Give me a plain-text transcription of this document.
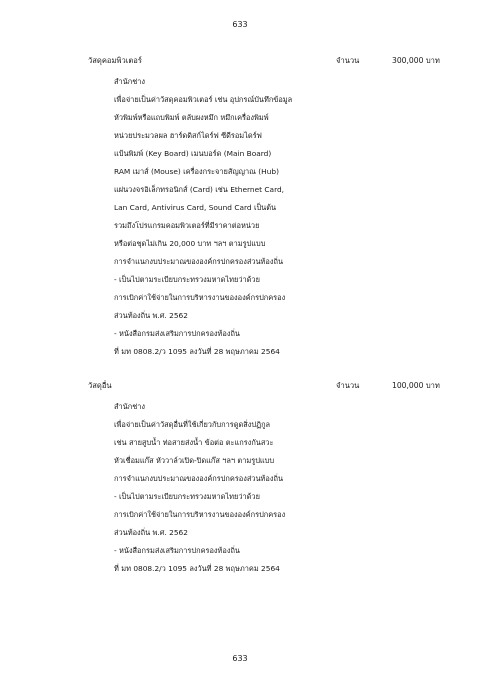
633
วัสดุคอมพิวเตอร์	จำนวน	300,000 บาท
สำนักช่าง
เพื่อจ่ายเป็นค่าวัสดุคอมพิวเตอร์ เช่น อุปกรณ์บันทึกข้อมูล
หัวพิมพ์หรือแถบพิมพ์ ตลับผงหมึก หมึกเครื่องพิมพ์
หน่วยประมวลผล ฮาร์ดดิสก์ไดร์ฟ ซีดีรอมไดร์ฟ
แป้นพิมพ์ (Key Board) เมนบอร์ด (Main Board)
RAM เมาส์ (Mouse) เครื่องกระจายสัญญาณ (Hub)
แผ่นวงจรอิเล็กทรอนิกส์ (Card) เช่น Ethernet Card,
Lan Card, Antivirus Card, Sound Card เป็นต้น
รวมถึงโปรแกรมคอมพิวเตอร์ที่มีราคาต่อหน่วย
หรือต่อชุดไม่เกิน 20,000 บาท ฯลฯ ตามรูปแบบ
การจำแนกงบประมาณขององค์กรปกครองส่วนท้องถิ่น
- เป็นไปตามระเบียบกระทรวงมหาดไทยว่าด้วย
การเบิกค่าใช้จ่ายในการบริหารงานขององค์กรปกครอง
ส่วนท้องถิ่น พ.ศ. 2562
- หนังสือกรมส่งเสริมการปกครองท้องถิ่น
ที่ มท 0808.2/ว 1095 ลงวันที่ 28 พฤษภาคม 2564
วัสดุอื่น	จำนวน	100,000 บาท
สำนักช่าง
เพื่อจ่ายเป็นค่าวัสดุอื่นที่ใช้เกี่ยวกับการดูดสิ่งปฏิกูล
เช่น สายสูบน้ำ ท่อสายส่งน้ำ ข้อต่อ ตะแกรงกันสวะ
หัวเชื่อมแก๊ส หัววาล์วเปิด-ปิดแก๊ส ฯลฯ ตามรูปแบบ
การจำแนกงบประมาณขององค์กรปกครองส่วนท้องถิ่น
- เป็นไปตามระเบียบกระทรวงมหาดไทยว่าด้วย
การเบิกค่าใช้จ่ายในการบริหารงานขององค์กรปกครอง
ส่วนท้องถิ่น พ.ศ. 2562
- หนังสือกรมส่งเสริมการปกครองท้องถิ่น
ที่ มท 0808.2/ว 1095 ลงวันที่ 28 พฤษภาคม 2564
633
